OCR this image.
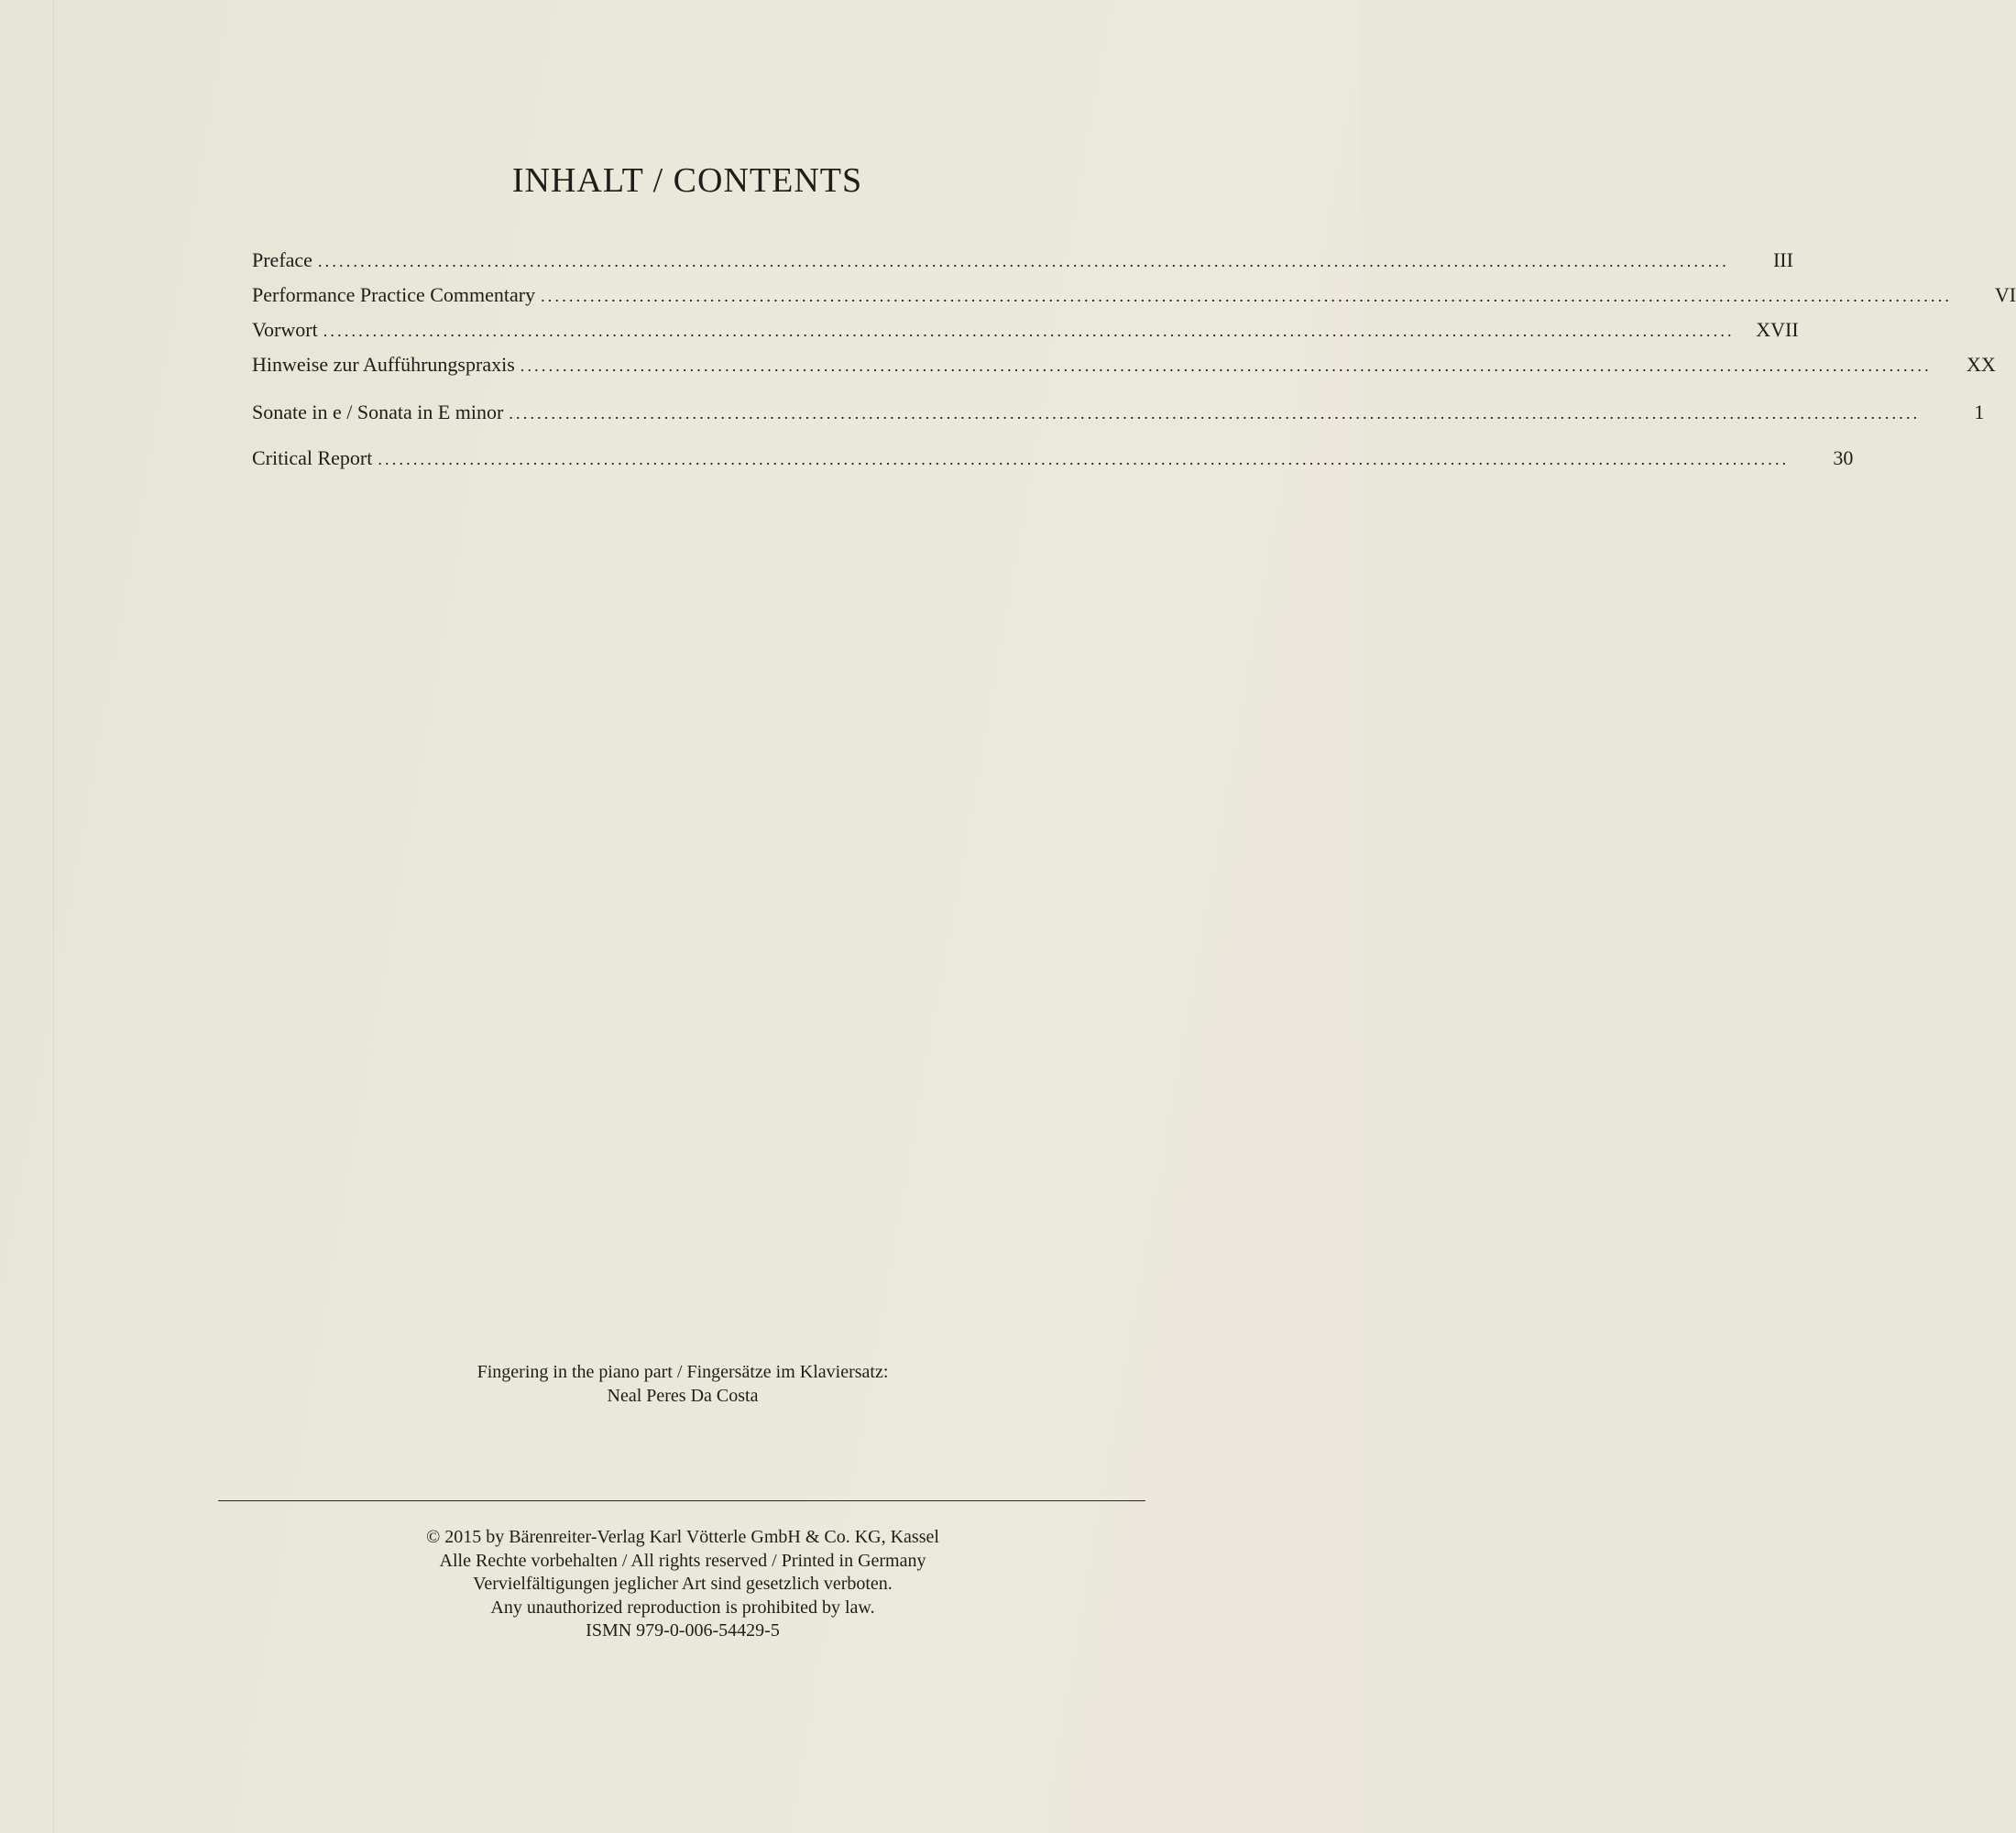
INHALT / CONTENTS
Preface ........................................................................................................................................................................................................	III
Performance Practice Commentary ........................................................................................................................................................................................................	VI
Vorwort ........................................................................................................................................................................................................	XVII
Hinweise zur Aufführungspraxis ........................................................................................................................................................................................................	XX
Sonate in e / Sonata in E minor ........................................................................................................................................................................................................	1
Critical Report ........................................................................................................................................................................................................	30
Fingering in the piano part / Fingersätze im Klaviersatz:
Neal Peres Da Costa
© 2015 by Bärenreiter-Verlag Karl Vötterle GmbH & Co. KG, Kassel
Alle Rechte vorbehalten / All rights reserved / Printed in Germany
Vervielfältigungen jeglicher Art sind gesetzlich verboten.
Any unauthorized reproduction is prohibited by law.
ISMN 979-0-006-54429-5
